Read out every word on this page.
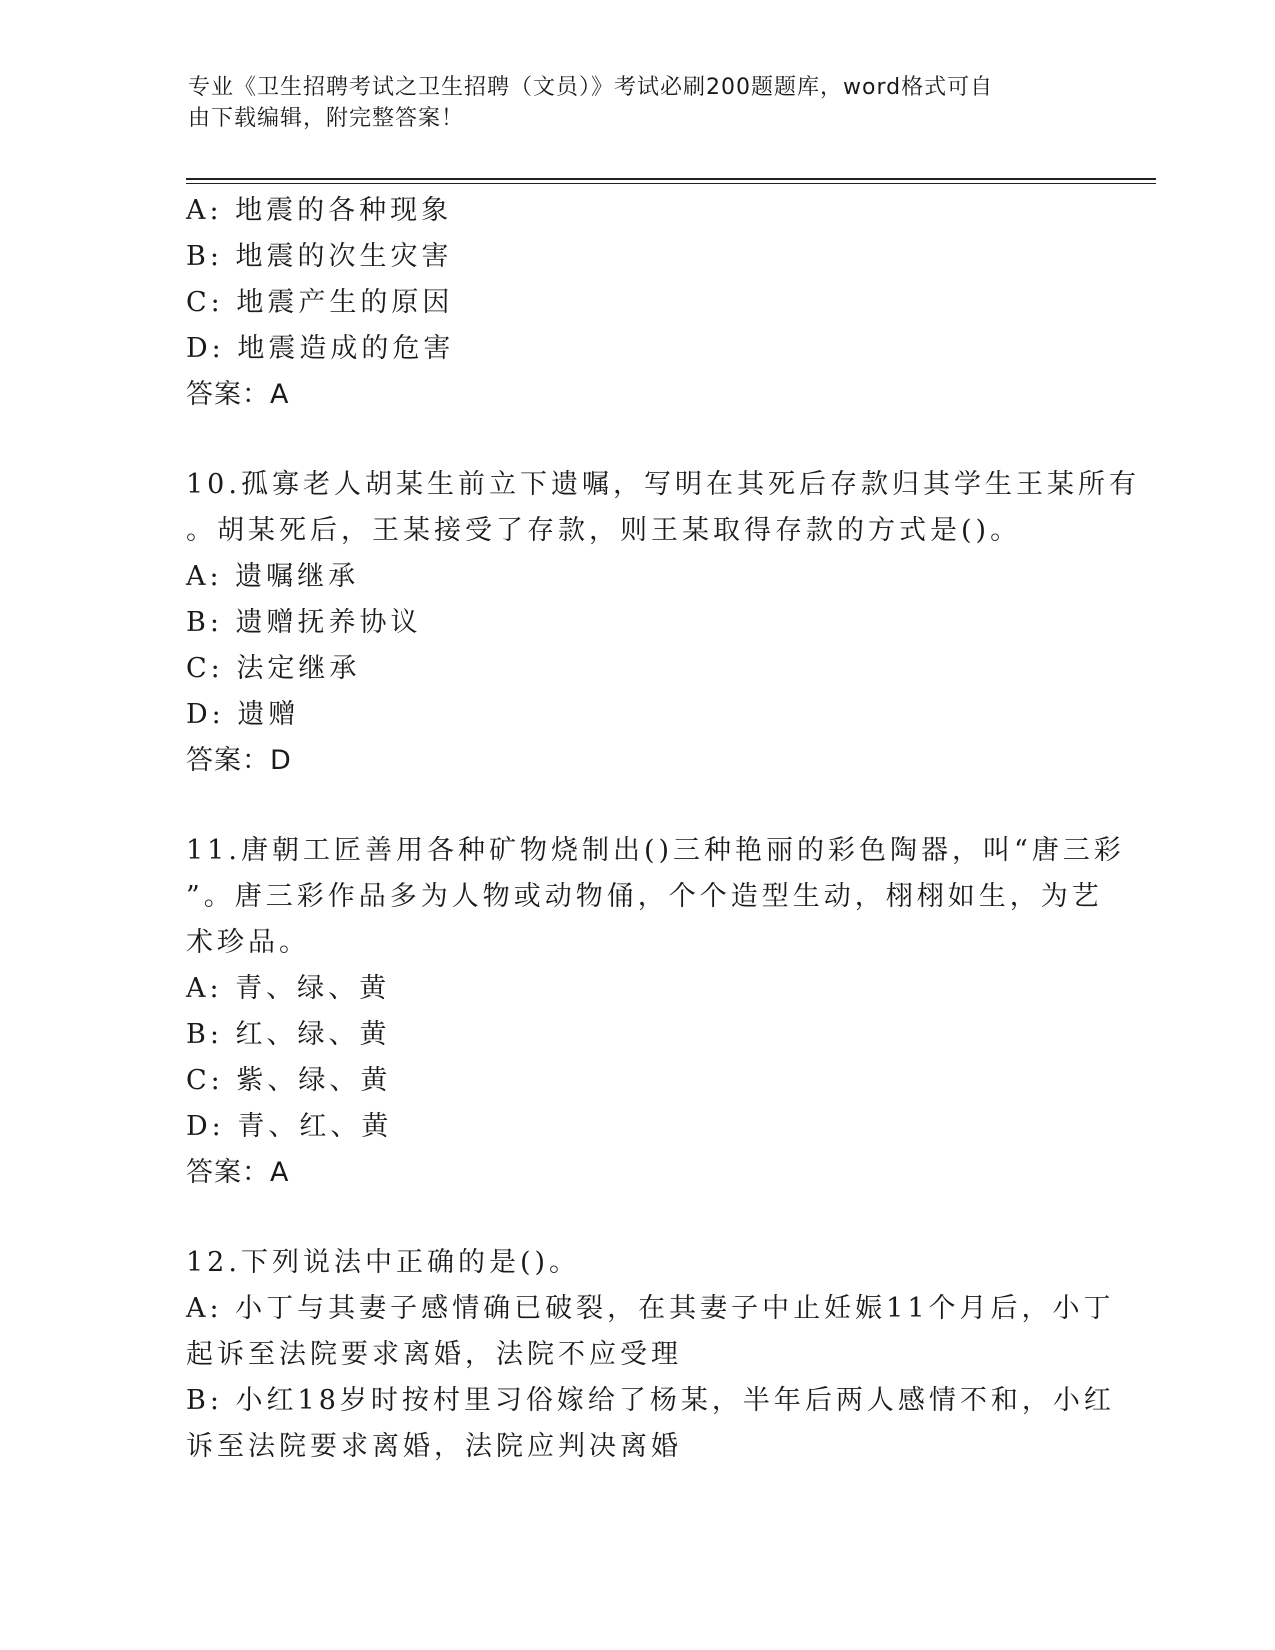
专业《卫生招聘考试之卫生招聘（文员）》考试必刷200题题库，word格式可自
由下载编辑，附完整答案！
A: 地震的各种现象
B: 地震的次生灾害
C: 地震产生的原因
D: 地震造成的危害
答案：A
10.孤寡老人胡某生前立下遗嘱，写明在其死后存款归其学生王某所有
。胡某死后，王某接受了存款，则王某取得存款的方式是()。
A: 遗嘱继承
B: 遗赠抚养协议
C: 法定继承
D: 遗赠
答案：D
11.唐朝工匠善用各种矿物烧制出()三种艳丽的彩色陶器，叫“唐三彩
”。唐三彩作品多为人物或动物俑，个个造型生动，栩栩如生，为艺
术珍品。
A: 青、绿、黄
B: 红、绿、黄
C: 紫、绿、黄
D: 青、红、黄
答案：A
12.下列说法中正确的是()。
A: 小丁与其妻子感情确已破裂，在其妻子中止妊娠11个月后，小丁
起诉至法院要求离婚，法院不应受理
B: 小红18岁时按村里习俗嫁给了杨某，半年后两人感情不和，小红
诉至法院要求离婚，法院应判决离婚
